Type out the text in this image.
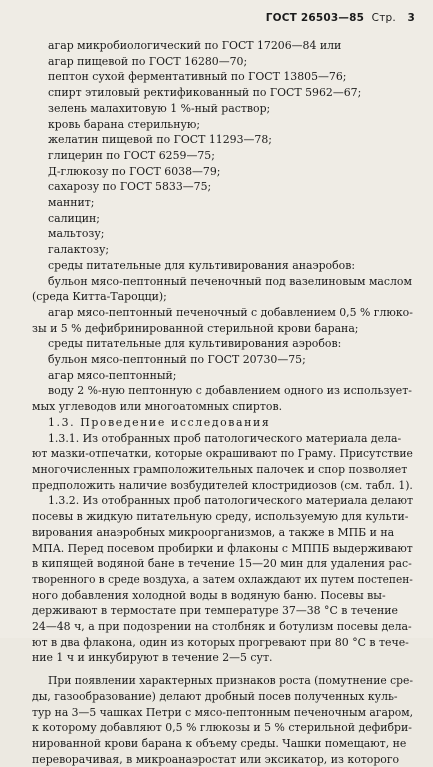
ГОСТ 26503—85 Стр. 3
агар микробиологический по ГОСТ 17206—84 или
агар пищевой по ГОСТ 16280—70;
пептон сухой ферментативный по ГОСТ 13805—76;
спирт этиловый ректификованный по ГОСТ 5962—67;
зелень малахитовую 1 %-ный раствор;
кровь барана стерильную;
желатин пищевой по ГОСТ 11293—78;
глицерин по ГОСТ 6259—75;
Д-глюкозу по ГОСТ 6038—79;
сахарозу по ГОСТ 5833—75;
маннит;
салицин;
мальтозу;
галактозу;
среды питательные для культивирования анаэробов:
бульон мясо-пептонный печеночный под вазелиновым маслом
(среда Китта-Тароцци);
агар мясо-пептонный печеночный с добавлением 0,5 % глюко-
зы и 5 % дефибринированной стерильной крови барана;
среды питательные для культивирования аэробов:
бульон мясо-пептонный по ГОСТ 20730—75;
агар мясо-пептонный;
воду 2 %-ную пептонную с добавлением одного из использует-
мых углеводов или многоатомных спиртов.
1.3. Проведение исследования
1.3.1. Из отобранных проб патологического материала дела-
ют мазки-отпечатки, которые окрашивают по Граму. Присутствие
многочисленных грамположительных палочек и спор позволяет
предположить наличие возбудителей клостридиозов (см. табл. 1).
1.3.2. Из отобранных проб патологического материала делают
посевы в жидкую питательную среду, используемую для культи-
вирования анаэробных микроорганизмов, а также в МПБ и на
МПА. Перед посевом пробирки и флаконы с МППБ выдерживают
в кипящей водяной бане в течение 15—20 мин для удаления рас-
творенного в среде воздуха, а затем охлаждают их путем постепен-
ного добавления холодной воды в водяную баню. Посевы вы-
держивают в термостате при температуре 37—38 °С в течение
24—48 ч, а при подозрении на столбняк и ботулизм посевы дела-
ют в два флакона, один из которых прогревают при 80 °С в тече-
ние 1 ч и инкубируют в течение 2—5 сут.
При появлении характерных признаков роста (помутнение сре-
ды, газообразование) делают дробный посев полученных куль-
тур на 3—5 чашках Петри с мясо-пептонным печеночным агаром,
к которому добавляют 0,5 % глюкозы и 5 % стерильной дефибри-
нированной крови барана к объему среды. Чашки помещают, не
переворачивая, в микроанаэростат или эксикатор, из которого
